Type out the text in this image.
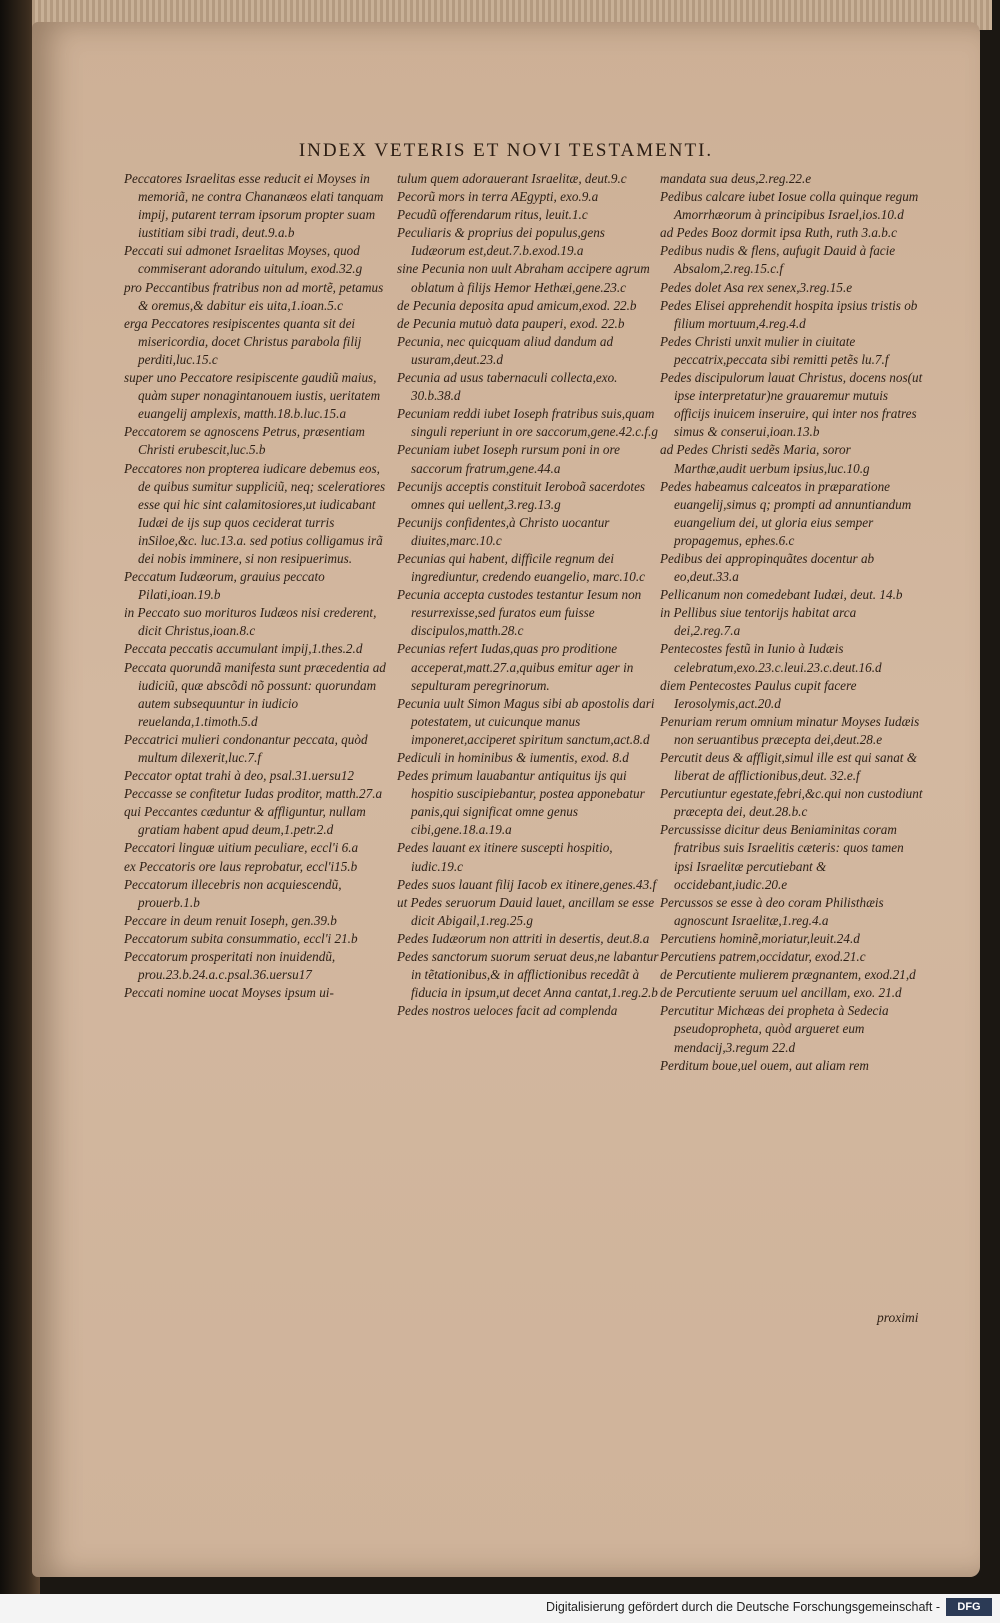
INDEX VETERIS ET NOVI TESTAMENTI.

Peccatores Israelitas esse reducit ei Moyses in memoriã, ne contra Chananæos elati tanquam impij, putarent terram ipsorum propter suam iustitiam sibi tradi, deut.9.a.b

Peccati sui admonet Israelitas Moyses, quod commiserant adorando uitulum, exod.32.g

pro Peccantibus fratribus non ad mortẽ, petamus & oremus,& dabitur eis uita,1.ioan.5.c

erga Peccatores resipiscentes quanta sit dei misericordia, docet Christus parabola filij perditi,luc.15.c

super uno Peccatore resipiscente gaudiũ maius, quàm super nonagintanouem iustis, ueritatem euangelij amplexis, matth.18.b.luc.15.a

Peccatorem se agnoscens Petrus, præsentiam Christi erubescit,luc.5.b

Peccatores non propterea iudicare debemus eos, de quibus sumitur suppliciũ, neq; sceleratiores esse qui hic sint calamitosiores,ut iudicabant Iudæi de ijs sup quos ceciderat turris inSiloe,&c. luc.13.a. sed potius colligamus irã dei nobis imminere, si non resipuerimus.

Peccatum Iudæorum, grauius peccato Pilati,ioan.19.b

in Peccato suo morituros Iudæos nisi crederent, dicit Christus,ioan.8.c

Peccata peccatis accumulant impij,1.thes.2.d

Peccata quorundã manifesta sunt præcedentia ad iudiciũ, quæ abscõdi nõ possunt: quorundam autem subsequuntur in iudicio reuelanda,1.timoth.5.d

Peccatrici mulieri condonantur peccata, quòd multum dilexerit,luc.7.f

Peccator optat trahi à deo, psal.31.uersu12

Peccasse se confitetur Iudas proditor, matth.27.a

qui Peccantes cæduntur & affliguntur, nullam gratiam habent apud deum,1.petr.2.d

Peccatori linguæ uitium peculiare, eccl'i 6.a

ex Peccatoris ore laus reprobatur, eccl'i15.b

Peccatorum illecebris non acquiescendũ, prouerb.1.b

Peccare in deum renuit Ioseph, gen.39.b

Peccatorum subita consummatio, eccl'i 21.b

Peccatorum prosperitati non inuidendũ, prou.23.b.24.a.c.psal.36.uersu17

Peccati nomine uocat Moyses ipsum ui-

tulum quem adorauerant Israelitæ, deut.9.c

Pecorũ mors in terra AEgypti, exo.9.a

Pecudũ offerendarum ritus, leuit.1.c

Peculiaris & proprius dei populus,gens Iudæorum est,deut.7.b.exod.19.a

sine Pecunia non uult Abraham accipere agrum oblatum à filijs Hemor Hethæi,gene.23.c

de Pecunia deposita apud amicum,exod. 22.b

de Pecunia mutuò data pauperi, exod. 22.b

Pecunia, nec quicquam aliud dandum ad usuram,deut.23.d

Pecunia ad usus tabernaculi collecta,exo. 30.b.38.d

Pecuniam reddi iubet Ioseph fratribus suis,quam singuli reperiunt in ore saccorum,gene.42.c.f.g

Pecuniam iubet Ioseph rursum poni in ore saccorum fratrum,gene.44.a

Pecunijs acceptis constituit Ieroboã sacerdotes omnes qui uellent,3.reg.13.g

Pecunijs confidentes,à Christo uocantur diuites,marc.10.c

Pecunias qui habent, difficile regnum dei ingrediuntur, credendo euangelio, marc.10.c

Pecunia accepta custodes testantur Iesum non resurrexisse,sed furatos eum fuisse discipulos,matth.28.c

Pecunias refert Iudas,quas pro proditione acceperat,matt.27.a,quibus emitur ager in sepulturam peregrinorum.

Pecunia uult Simon Magus sibi ab apostolis dari potestatem, ut cuicunque manus imponeret,acciperet spiritum sanctum,act.8.d

Pediculi in hominibus & iumentis, exod. 8.d

Pedes primum lauabantur antiquitus ijs qui hospitio suscipiebantur, postea apponebatur panis,qui significat omne genus cibi,gene.18.a.19.a

Pedes lauant ex itinere suscepti hospitio, iudic.19.c

Pedes suos lauant filij Iacob ex itinere,genes.43.f

ut Pedes seruorum Dauid lauet, ancillam se esse dicit Abigail,1.reg.25.g

Pedes Iudæorum non attriti in desertis, deut.8.a

Pedes sanctorum suorum seruat deus,ne labantur in tẽtationibus,& in afflictionibus recedãt à fiducia in ipsum,ut decet Anna cantat,1.reg.2.b

Pedes nostros ueloces facit ad complenda

mandata sua deus,2.reg.22.e

Pedibus calcare iubet Iosue colla quinque regum Amorrhæorum à principibus Israel,ios.10.d

ad Pedes Booz dormit ipsa Ruth, ruth 3.a.b.c

Pedibus nudis & flens, aufugit Dauid à facie Absalom,2.reg.15.c.f

Pedes dolet Asa rex senex,3.reg.15.e

Pedes Elisei apprehendit hospita ipsius tristis ob filium mortuum,4.reg.4.d

Pedes Christi unxit mulier in ciuitate peccatrix,peccata sibi remitti petẽs lu.7.f

Pedes discipulorum lauat Christus, docens nos(ut ipse interpretatur)ne grauaremur mutuis officijs inuicem inseruire, qui inter nos fratres simus & conserui,ioan.13.b

ad Pedes Christi sedẽs Maria, soror Marthæ,audit uerbum ipsius,luc.10.g

Pedes habeamus calceatos in præparatione euangelij,simus q; prompti ad annuntiandum euangelium dei, ut gloria eius semper propagemus, ephes.6.c

Pedibus dei appropinquãtes docentur ab eo,deut.33.a

Pellicanum non comedebant Iudæi, deut. 14.b

in Pellibus siue tentorijs habitat arca dei,2.reg.7.a

Pentecostes festũ in Iunio à Iudæis celebratum,exo.23.c.leui.23.c.deut.16.d

diem Pentecostes Paulus cupit facere Ierosolymis,act.20.d

Penuriam rerum omnium minatur Moyses Iudæis non seruantibus præcepta dei,deut.28.e

Percutit deus & affligit,simul ille est qui sanat & liberat de afflictionibus,deut. 32.e.f

Percutiuntur egestate,febri,&c.qui non custodiunt præcepta dei, deut.28.b.c

Percussisse dicitur deus Beniaminitas coram fratribus suis Israelitis cæteris: quos tamen ipsi Israelitæ percutiebant & occidebant,iudic.20.e

Percussos se esse à deo coram Philisthæis agnoscunt Israelitæ,1.reg.4.a

Percutiens hominẽ,moriatur,leuit.24.d

Percutiens patrem,occidatur, exod.21.c

de Percutiente mulierem prægnantem, exod.21,d

de Percutiente seruum uel ancillam, exo. 21.d

Percutitur Michæas dei propheta à Sedecia pseudopropheta, quòd argueret eum mendacij,3.regum 22.d

Perditum boue,uel ouem, aut aliam rem

proximi
Digitalisierung gefördert durch die Deutsche Forschungsgemeinschaft -	DFG
